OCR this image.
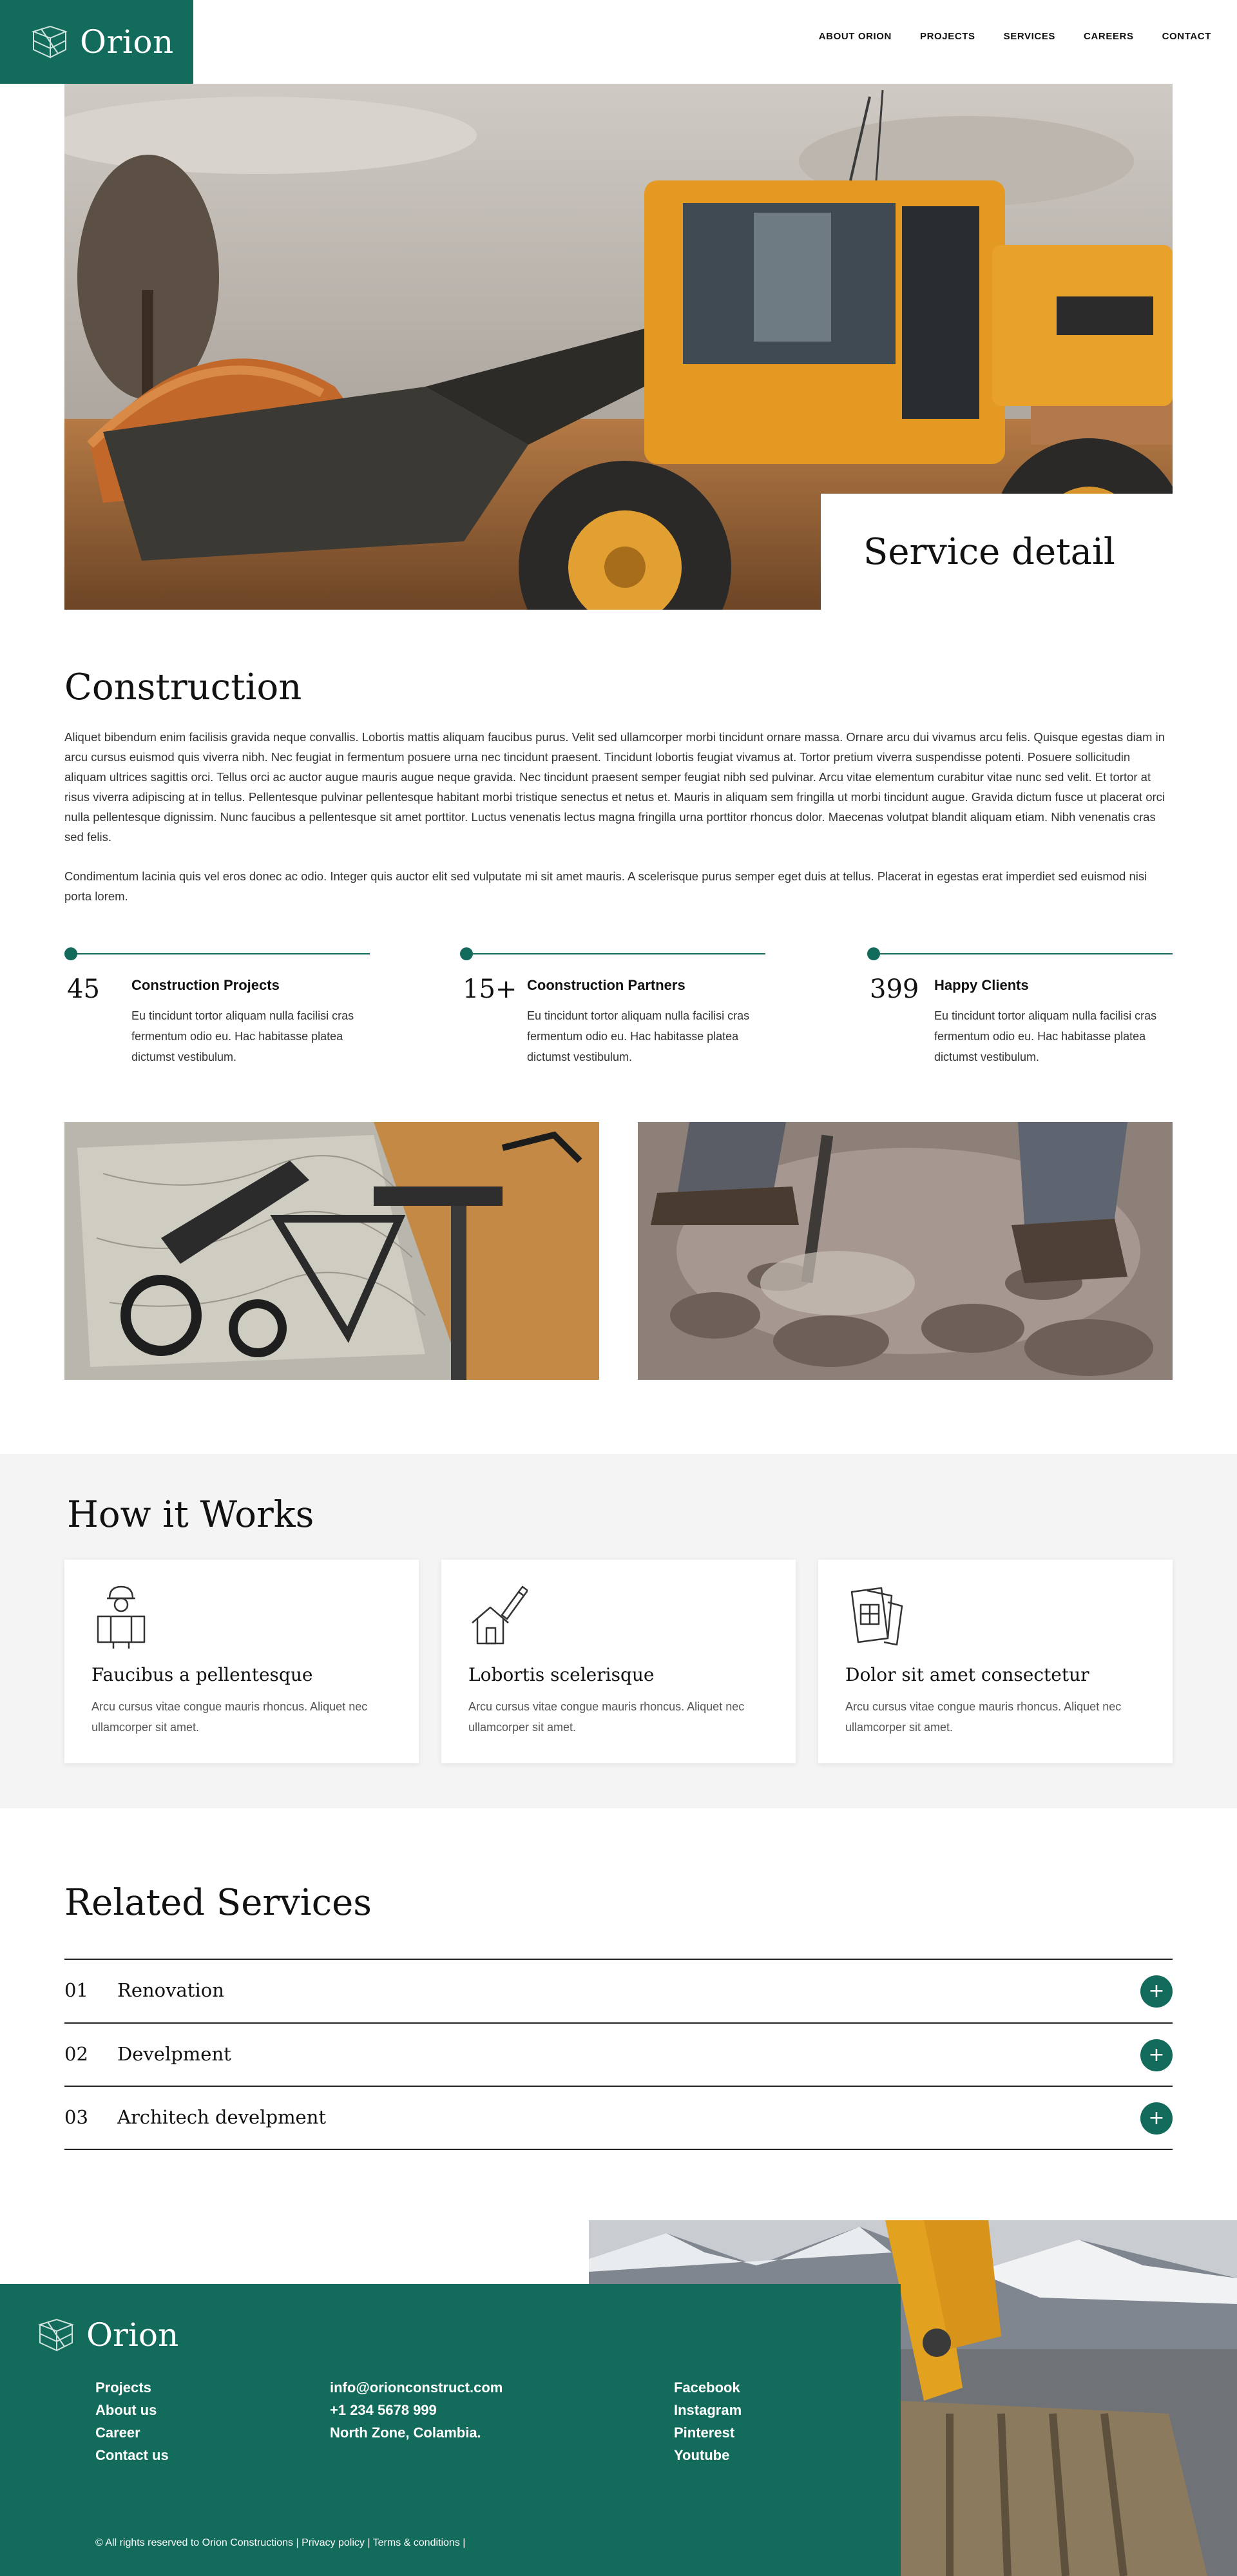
Orion	ABOUT ORION	PROJECTS	SERVICES	CAREERS	CONTACT
Service detail
Construction

Aliquet bibendum enim facilisis gravida neque convallis. Lobortis mattis aliquam faucibus purus. Velit sed ullamcorper morbi tincidunt ornare massa. Ornare arcu dui vivamus arcu felis. Quisque egestas diam in arcu cursus euismod quis viverra nibh. Nec feugiat in fermentum posuere urna nec tincidunt praesent. Tincidunt lobortis feugiat vivamus at. Tortor pretium viverra suspendisse potenti. Posuere sollicitudin aliquam ultrices sagittis orci. Tellus orci ac auctor augue mauris augue neque gravida. Nec tincidunt praesent semper feugiat nibh sed pulvinar. Arcu vitae elementum curabitur vitae nunc sed velit. Et tortor at risus viverra adipiscing at in tellus. Pellentesque pulvinar pellentesque habitant morbi tristique senectus et netus et. Mauris in aliquam sem fringilla ut morbi tincidunt augue. Gravida dictum fusce ut placerat orci nulla pellentesque dignissim. Nunc faucibus a pellentesque sit amet porttitor. Luctus venenatis lectus magna fringilla urna porttitor rhoncus dolor. Maecenas volutpat blandit aliquam etiam. Nibh venenatis cras sed felis.

Condimentum lacinia quis vel eros donec ac odio. Integer quis auctor elit sed vulputate mi sit amet mauris. A scelerisque purus semper eget duis at tellus. Placerat in egestas erat imperdiet sed euismod nisi porta lorem.

45 Construction Projects
Eu tincidunt tortor aliquam nulla facilisi cras fermentum odio eu. Hac habitasse platea dictumst vestibulum.
15+ Coonstruction Partners
Eu tincidunt tortor aliquam nulla facilisi cras fermentum odio eu. Hac habitasse platea dictumst vestibulum.
399 Happy Clients
Eu tincidunt tortor aliquam nulla facilisi cras fermentum odio eu. Hac habitasse platea dictumst vestibulum.
How it Works
Faucibus a pellentesque

Arcu cursus vitae congue mauris rhoncus. Aliquet nec ullamcorper sit amet.

Lobortis scelerisque

Arcu cursus vitae congue mauris rhoncus. Aliquet nec ullamcorper sit amet.

Dolor sit amet consectetur

Arcu cursus vitae congue mauris rhoncus. Aliquet nec ullamcorper sit amet.

Related Services
01 Renovation	+
02 Develpment	+
03 Architech develpment	+
Orion
Projects
About us
Career
Contact us
info@orionconstruct.com
+1 234 5678 999
North Zone, Colambia.
Facebook
Instagram
Pinterest
Youtube
© All rights reserved to Orion Constructions | Privacy policy | Terms & conditions |
